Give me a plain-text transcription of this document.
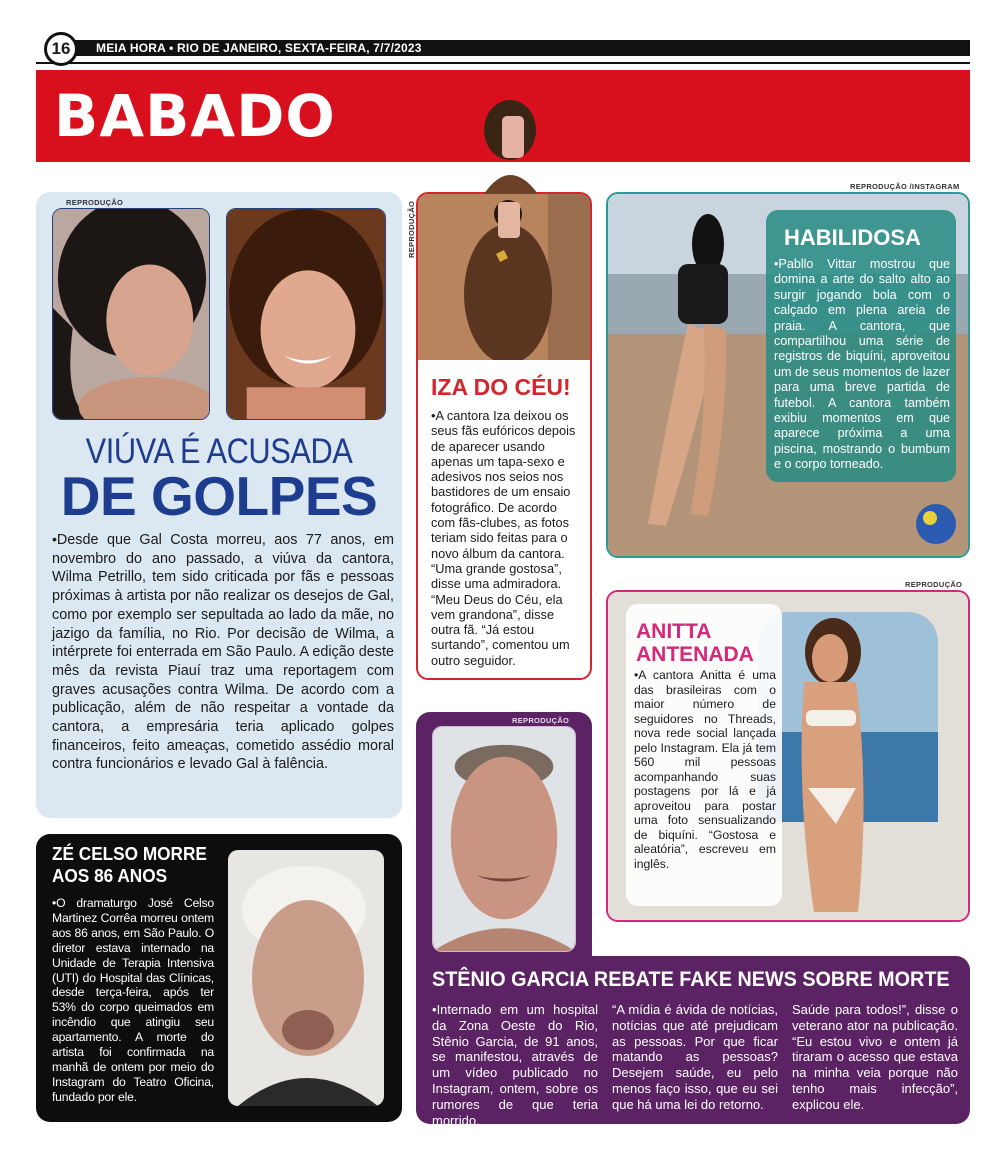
16	MEIA HORA • RIO DE JANEIRO, SEXTA-FEIRA, 7/7/2023
BABADO
REPRODUÇÃO
VIÚVA É ACUSADA
DE GOLPES
•Desde que Gal Costa morreu, aos 77 anos, em novembro do ano passado, a viúva da cantora, Wilma Petrillo, tem sido criticada por fãs e pessoas próximas à artista por não realizar os desejos de Gal, como por exemplo ser sepultada ao lado da mãe, no jazigo da família, no Rio. Por decisão de Wilma, a intérprete foi enterrada em São Paulo. A edição deste mês da revista Piauí traz uma reportagem com graves acusações contra Wilma. De acordo com a publicação, além de não respeitar a vontade da cantora, a empresária teria aplicado golpes financeiros, feito ameaças, cometido assédio moral contra funcionários e levado Gal à falência.
ZÉ CELSO MORRE AOS 86 ANOS
•O dramaturgo José Celso Martinez Corrêa morreu ontem aos 86 anos, em São Paulo. O diretor estava internado na Unidade de Terapia Intensiva (UTI) do Hospital das Clínicas, desde terça-feira, após ter 53% do corpo queimados em incêndio que atingiu seu apartamento. A morte do artista foi confirmada na manhã de ontem por meio do Instagram do Teatro Oficina, fundado por ele.
REPRODUÇÃO
IZA DO CÉU!
•A cantora Iza deixou os seus fãs eufóricos depois de aparecer usando apenas um tapa-sexo e adesivos nos seios nos bastidores de um ensaio fotográfico. De acordo com fãs-clubes, as fotos teriam sido feitas para o novo álbum da cantora. “Uma grande gostosa”, disse uma admiradora. “Meu Deus do Céu, ela vem grandona”, disse outra fã. “Já estou surtando”, comentou um outro seguidor.
REPRODUÇÃO /INSTAGRAM
HABILIDOSA
•Pabllo Vittar mostrou que domina a arte do salto alto ao surgir jogando bola com o calçado em plena areia de praia. A cantora, que compartilhou uma série de registros de biquíni, aproveitou um de seus momentos de lazer para uma breve partida de futebol. A cantora também exibiu momentos em que aparece próxima a uma piscina, mostrando o bumbum e o corpo torneado.
REPRODUÇÃO
ANITTA
ANTENADA
•A cantora Anitta é uma das brasileiras com o maior número de seguidores no Threads, nova rede social lançada pelo Instagram. Ela já tem 560 mil pessoas acompanhando suas postagens por lá e já aproveitou para postar uma foto sensualizando de biquíni. “Gostosa e aleatória”, escreveu em inglês.
REPRODUÇÃO
STÊNIO GARCIA REBATE FAKE NEWS SOBRE MORTE
•Internado em um hospital da Zona Oeste do Rio, Stênio Garcia, de 91 anos, se manifestou, através de um vídeo publicado no Instagram, ontem, sobre os rumores de que teria morrido.
“A mídia é ávida de notícias, notícias que até prejudicam as pessoas. Por que ficar matando as pessoas? Desejem saúde, eu pelo menos faço isso, que eu sei que há uma lei do retorno.
Saúde para todos!”, disse o veterano ator na publicação. “Eu estou vivo e ontem já tiraram o acesso que estava na minha veia porque não tenho mais infecção”, explicou ele.
